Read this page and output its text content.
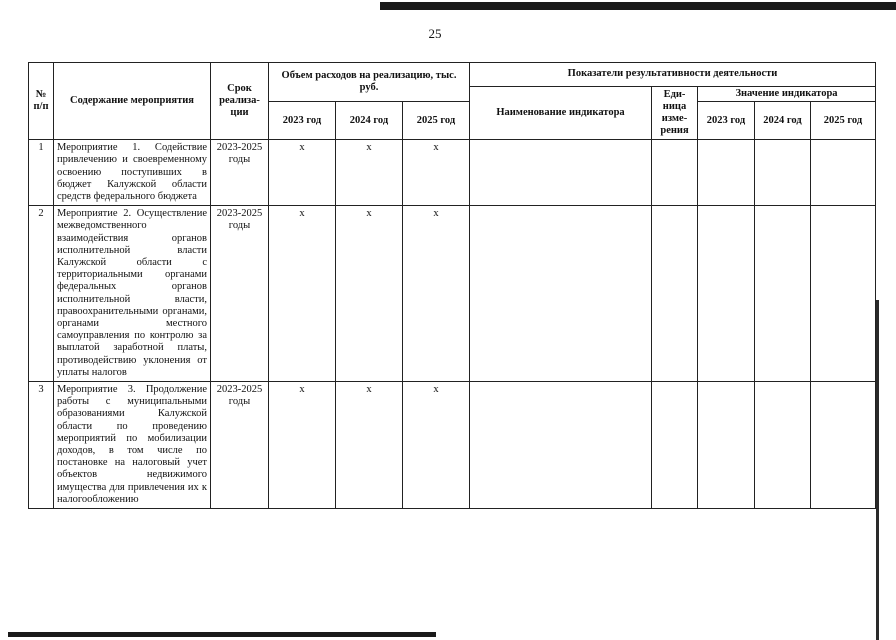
25
№ п/п	Содержание мероприятия	Срок реализа-ции	Объем расходов на реализацию, тыс. руб.			Показатели результативности деятельности				
						Наименование индикатора	Еди-ница изме-рения	Значение индикатора		
			2023 год	2024 год	2025 год			2023 год	2024 год	2025 год
1	Мероприятие 1. Содействие привлечению и своевременному освоению поступивших в бюджет Калужской области средств федерального бюджета	2023-2025 годы	x	x	x					
2	Мероприятие 2. Осуществление межведомственного взаимодействия органов исполнительной власти Калужской области с территориальными органами федеральных органов исполнительной власти, правоохранительными органами, органами местного самоуправления по контролю за выплатой заработной платы, противодействию уклонения от уплаты налогов	2023-2025 годы	x	x	x					
3	Мероприятие 3. Продолжение работы с муниципальными образованиями Калужской области по проведению мероприятий по мобилизации доходов, в том числе по постановке на налоговый учет объектов недвижимого имущества для привлечения их к налогообложению	2023-2025 годы	x	x	x					
